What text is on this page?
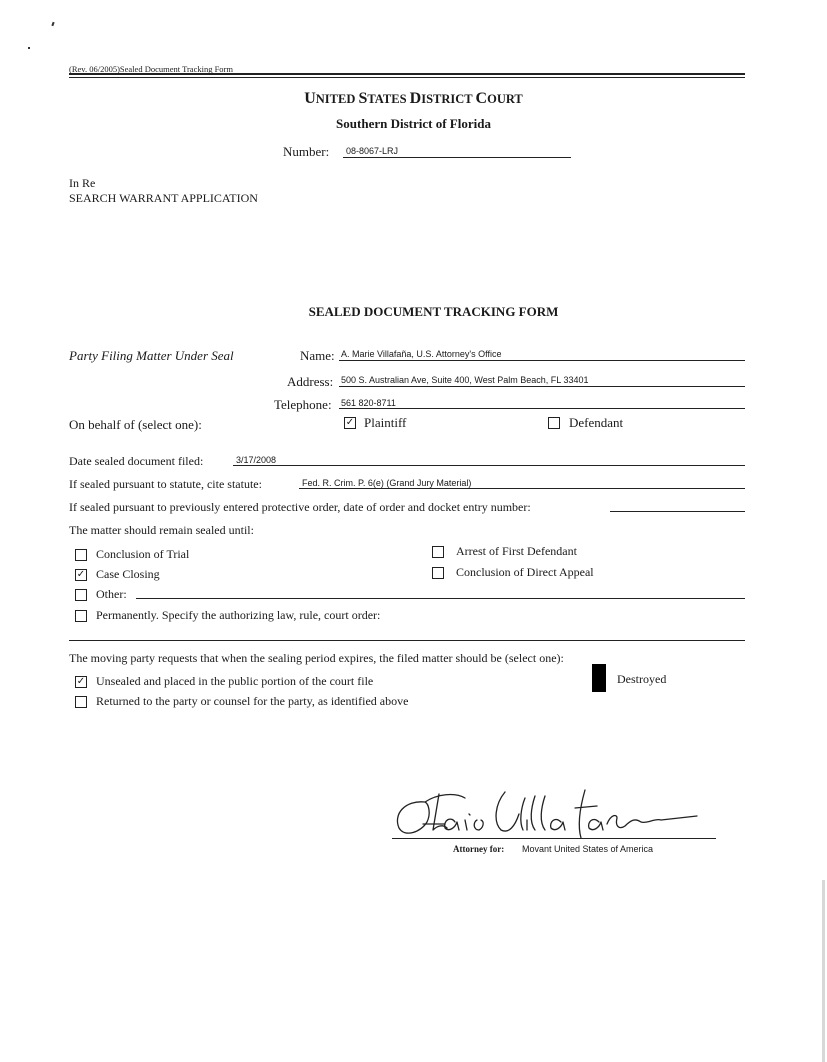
(Rev. 06/2005)Sealed Document Tracking Form
UNITED STATES DISTRICT COURT
Southern District of Florida
Number: 08-8067-LRJ
In Re
SEARCH WARRANT APPLICATION
SEALED DOCUMENT TRACKING FORM
Party Filing Matter Under Seal	Name: A. Marie Villafaña, U.S. Attorney's Office
Address: 500 S. Australian Ave, Suite 400, West Palm Beach, FL 33401
Telephone: 561 820-8711
On behalf of (select one):	✓ Plaintiff	Defendant
Date sealed document filed:	3/17/2008
If sealed pursuant to statute, cite statute:	Fed. R. Crim. P. 6(e) (Grand Jury Material)
If sealed pursuant to previously entered protective order, date of order and docket entry number:
The matter should remain sealed until:
Conclusion of Trial
✓ Case Closing
Other:
Arrest of First Defendant
Conclusion of Direct Appeal
Permanently. Specify the authorizing law, rule, court order:
The moving party requests that when the sealing period expires, the filed matter should be (select one):
✓ Unsealed and placed in the public portion of the court file
Returned to the party or counsel for the party, as identified above
Destroyed
Attorney for: Movant United States of America
